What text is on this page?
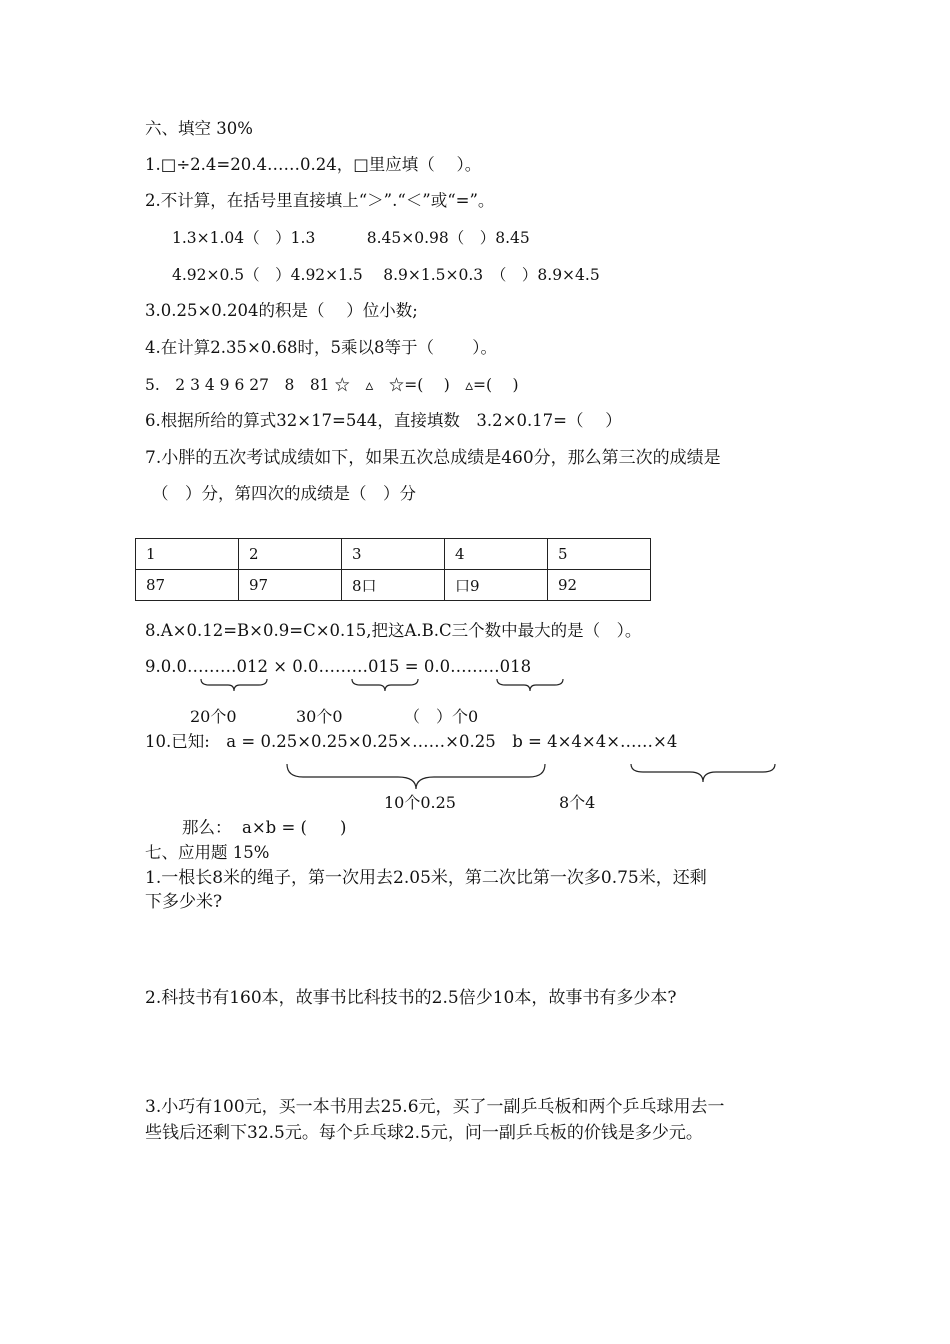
六、填空 30%
1.□÷2.4=20.4……0.24，□里应填（　 ）。
2.不计算，在括号里直接填上“＞”.“＜”或“=”。
1.3×1.04（　）1.3　　　 8.45×0.98（　）8.45
4.92×0.5（　）4.92×1.5　 8.9×1.5×0.3　（　）8.9×4.5
3.0.25×0.204的积是（　 ）位小数;
4.在计算2.35×0.68时，5乘以8等于（　　 ）。
5.　2 3 4 9 6 27　8　81 ☆　▵　☆=(　 )　▵=(　 )
6.根据所给的算式32×17=544，直接填数　3.2×0.17=（　 ）
7.小胖的五次考试成绩如下，如果五次总成绩是460分，那么第三次的成绩是
（　）分，第四次的成绩是（　）分
1	2	3	4	5
87	97	8口	口9	92
8.A×0.12=B×0.9=C×0.15,把这A.B.C三个数中最大的是（　）。
9.0.0………012 × 0.0………015 = 0.0………018
20个0	30个0	（　）个0
10.已知:　a = 0.25×0.25×0.25×……×0.25　b = 4×4×4×……×4
10个0.25	8个4
那么：  a×b = (　　)
七、应用题 15%
1.一根长8米的绳子，第一次用去2.05米，第二次比第一次多0.75米，还剩
下多少米?
2.科技书有160本，故事书比科技书的2.5倍少10本，故事书有多少本?
3.小巧有100元，买一本书用去25.6元，买了一副乒乓板和两个乒乓球用去一
些钱后还剩下32.5元。每个乒乓球2.5元，问一副乒乓板的价钱是多少元。
